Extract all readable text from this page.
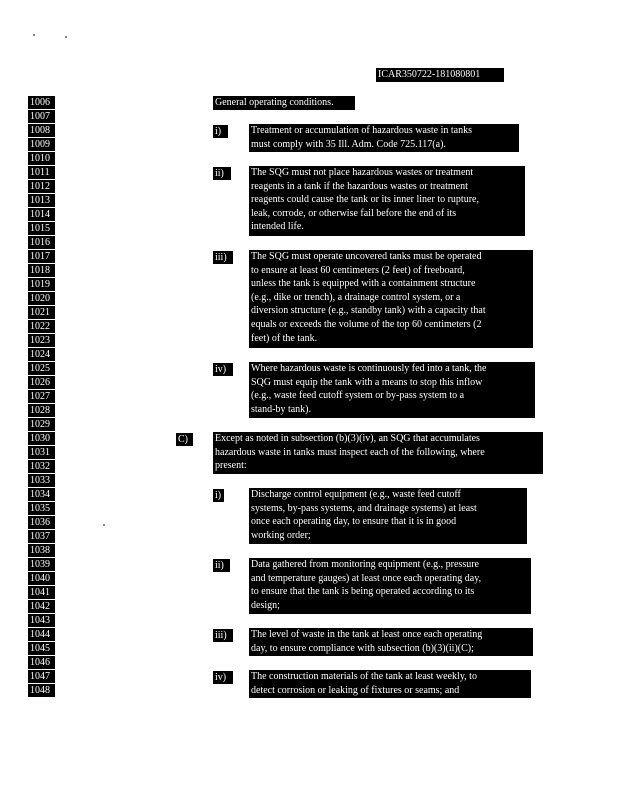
ICAR350722-181080801
1006
1007
1008
1009
1010
1011
1012
1013
1014
1015
1016
1017
1018
1019
1020
1021
1022
1023
1024
1025
1026
1027
1028
1029
1030
1031
1032
1033
1034
1035
1036
1037
1038
1039
1040
1041
1042
1043
1044
1045
1046
1047
1048
General operating conditions.
i)	Treatment or accumulation of hazardous waste in tanks
must comply with 35 Ill. Adm. Code 725.117(a).
ii)	The SQG must not place hazardous wastes or treatment
reagents in a tank if the hazardous wastes or treatment
reagents could cause the tank or its inner liner to rupture,
leak, corrode, or otherwise fail before the end of its
intended life.
iii)	The SQG must operate uncovered tanks must be operated
to ensure at least 60 centimeters (2 feet) of freeboard,
unless the tank is equipped with a containment structure
(e.g., dike or trench), a drainage control system, or a
diversion structure (e.g., standby tank) with a capacity that
equals or exceeds the volume of the top 60 centimeters (2
feet) of the tank.
iv)	Where hazardous waste is continuously fed into a tank, the
SQG must equip the tank with a means to stop this inflow
(e.g., waste feed cutoff system or by-pass system to a
stand-by tank).
C)	Except as noted in subsection (b)(3)(iv), an SQG that accumulates
hazardous waste in tanks must inspect each of the following, where
present:
i)	Discharge control equipment (e.g., waste feed cutoff
systems, by-pass systems, and drainage systems) at least
once each operating day, to ensure that it is in good
working order;
ii)	Data gathered from monitoring equipment (e.g., pressure
and temperature gauges) at least once each operating day,
to ensure that the tank is being operated according to its
design;
iii)	The level of waste in the tank at least once each operating
day, to ensure compliance with subsection (b)(3)(ii)(C);
iv)	The construction materials of the tank at least weekly, to
detect corrosion or leaking of fixtures or seams; and
